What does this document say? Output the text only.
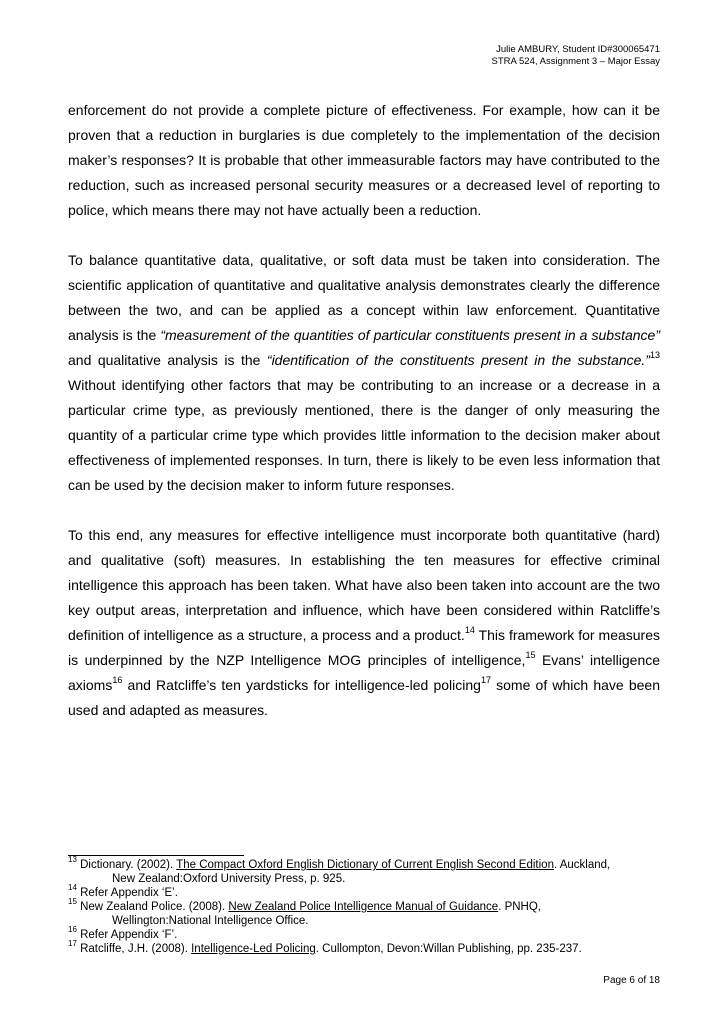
Julie AMBURY, Student ID#300065471
STRA 524, Assignment 3 – Major Essay

enforcement do not provide a complete picture of effectiveness. For example, how can it be proven that a reduction in burglaries is due completely to the implementation of the decision maker’s responses? It is probable that other immeasurable factors may have contributed to the reduction, such as increased personal security measures or a decreased level of reporting to police, which means there may not have actually been a reduction.

To balance quantitative data, qualitative, or soft data must be taken into consideration. The scientific application of quantitative and qualitative analysis demonstrates clearly the difference between the two, and can be applied as a concept within law enforcement. Quantitative analysis is the “measurement of the quantities of particular constituents present in a substance” and qualitative analysis is the “identification of the constituents present in the substance.”$^{13}$ Without identifying other factors that may be contributing to an increase or a decrease in a particular crime type, as previously mentioned, there is the danger of only measuring the quantity of a particular crime type which provides little information to the decision maker about effectiveness of implemented responses. In turn, there is likely to be even less information that can be used by the decision maker to inform future responses.

To this end, any measures for effective intelligence must incorporate both quantitative (hard) and qualitative (soft) measures. In establishing the ten measures for effective criminal intelligence this approach has been taken. What have also been taken into account are the two key output areas, interpretation and influence, which have been considered within Ratcliffe’s definition of intelligence as a structure, a process and a product.$^{14}$ This framework for measures is underpinned by the NZP Intelligence MOG principles of intelligence,$^{15}$ Evans’ intelligence axioms$^{16}$ and Ratcliffe’s ten yardsticks for intelligence-led policing$^{17}$ some of which have been used and adapted as measures.

$^{13}$ Dictionary. (2002). The Compact Oxford English Dictionary of Current English Second Edition. Auckland,
New Zealand:Oxford University Press, p. 925.
$^{14}$ Refer Appendix ‘E’.
$^{15}$ New Zealand Police. (2008). New Zealand Police Intelligence Manual of Guidance. PNHQ,
Wellington:National Intelligence Office.
$^{16}$ Refer Appendix ‘F’.
$^{17}$ Ratcliffe, J.H. (2008). Intelligence-Led Policing. Cullompton, Devon:Willan Publishing, pp. 235-237.
Page 6 of 18
